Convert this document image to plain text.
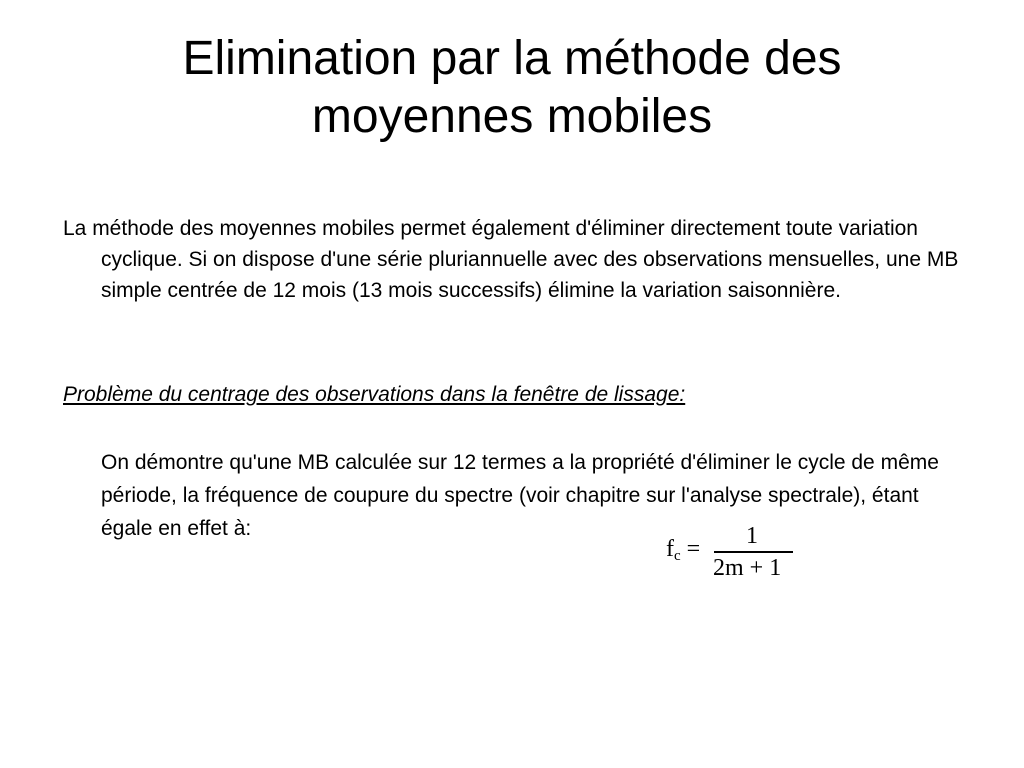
Elimination par la méthode des
moyennes mobiles

La méthode des moyennes mobiles permet également d'éliminer directement toute variation cyclique. Si on dispose d'une série pluriannuelle avec des observations mensuelles, une MB simple centrée de 12 mois (13 mois successifs) élimine la variation saisonnière.

Problème du centrage des observations dans la fenêtre de lissage:

On démontre qu'une MB calculée sur 12 termes a la propriété d'éliminer le cycle de même période, la fréquence de coupure du spectre (voir chapitre sur l'analyse spectrale), étant égale en effet à:

$f_c = 1$
2m + 1
